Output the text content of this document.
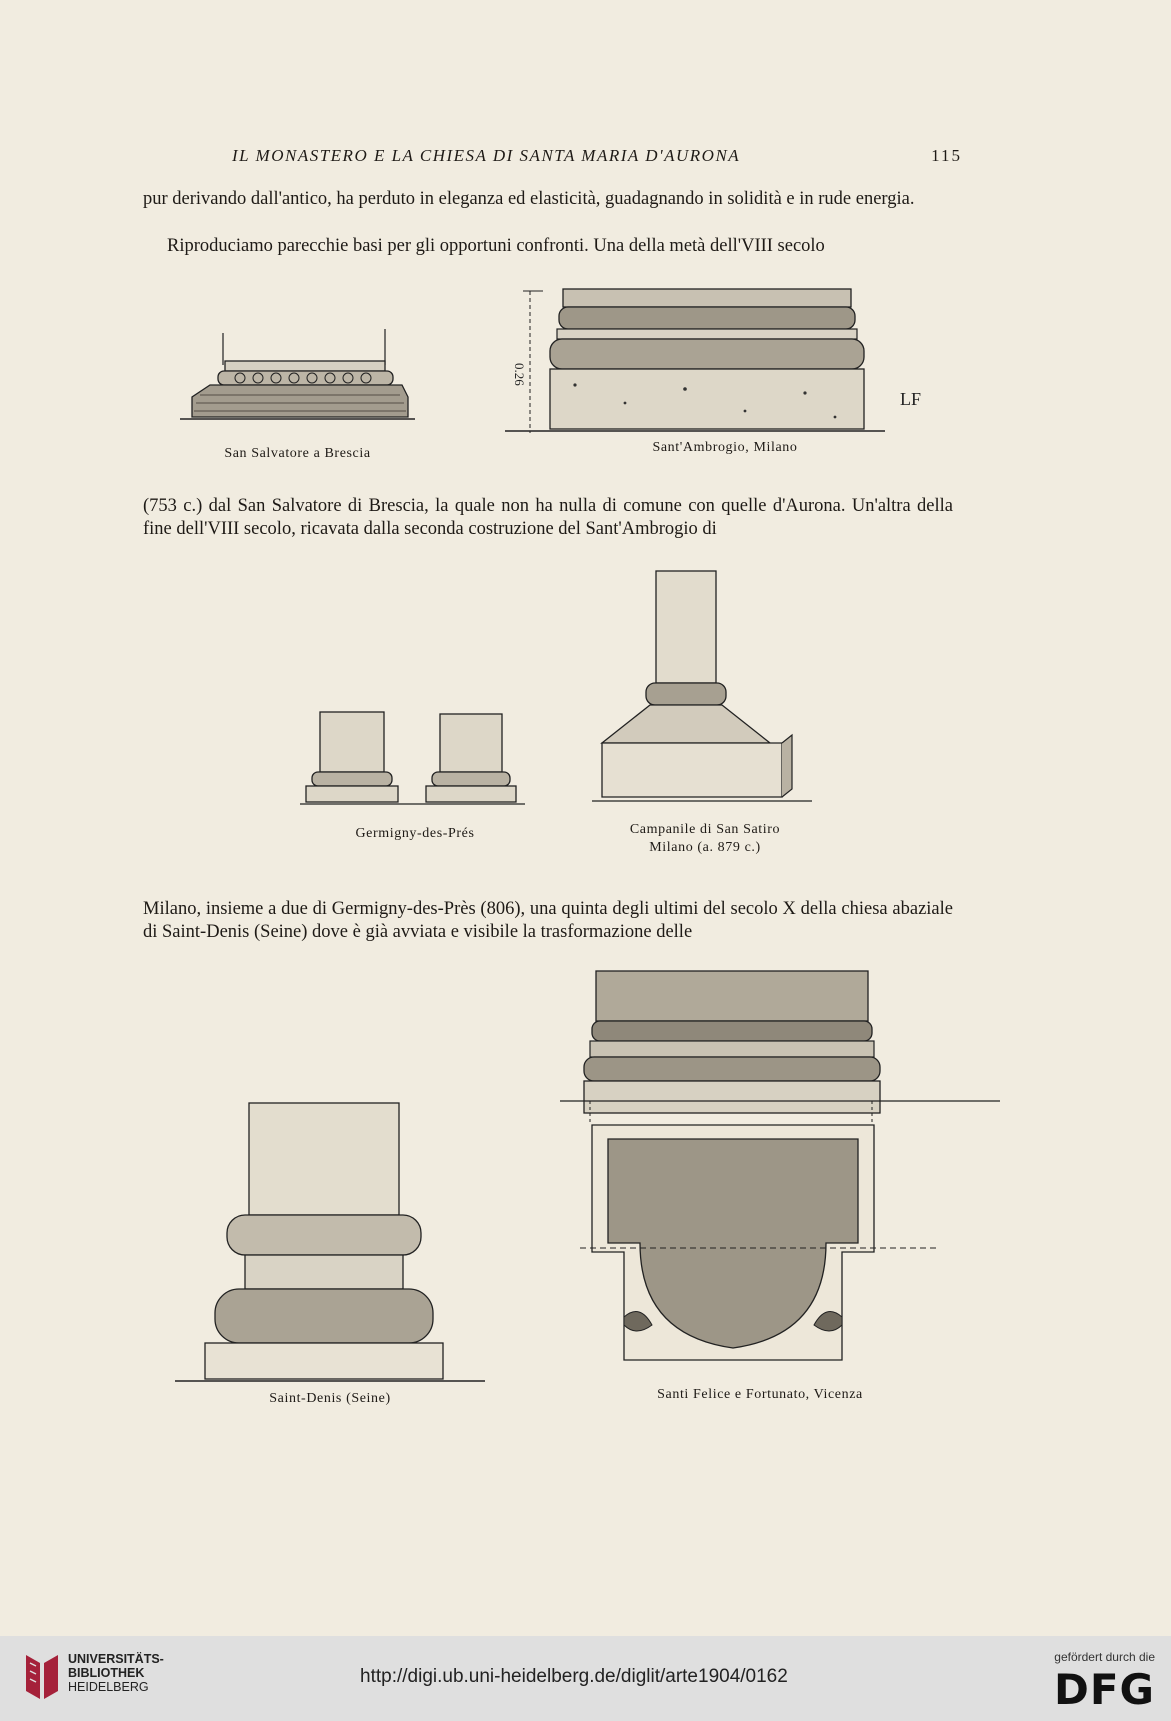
IL MONASTERO E LA CHIESA DI SANTA MARIA D'AURONA	115
pur derivando dall'antico, ha perduto in eleganza ed elasticità, guadagnando in solidità e in rude energia.
Riproduciamo parecchie basi per gli opportuni confronti. Una della metà dell'VIII secolo
San Salvatore a Brescia
0.26
LF
Sant'Ambrogio, Milano
(753 c.) dal San Salvatore di Brescia, la quale non ha nulla di comune con quelle d'Aurona. Un'altra della fine dell'VIII secolo, ricavata dalla seconda costruzione del Sant'Ambrogio di
Germigny-des-Prés	Campanile di San Satiro
Milano (a. 879 c.)
Milano, insieme a due di Germigny-des-Près (806), una quinta degli ultimi del secolo X della chiesa abaziale di Saint-Denis (Seine) dove è già avviata e visibile la trasformazione delle
Saint-Denis (Seine)	Santi Felice e Fortunato, Vicenza
UNIVERSITÄTS-
BIBLIOTHEK
HEIDELBERG	http://digi.ub.uni-heidelberg.de/diglit/arte1904/0162
gefördert durch die
DFG
